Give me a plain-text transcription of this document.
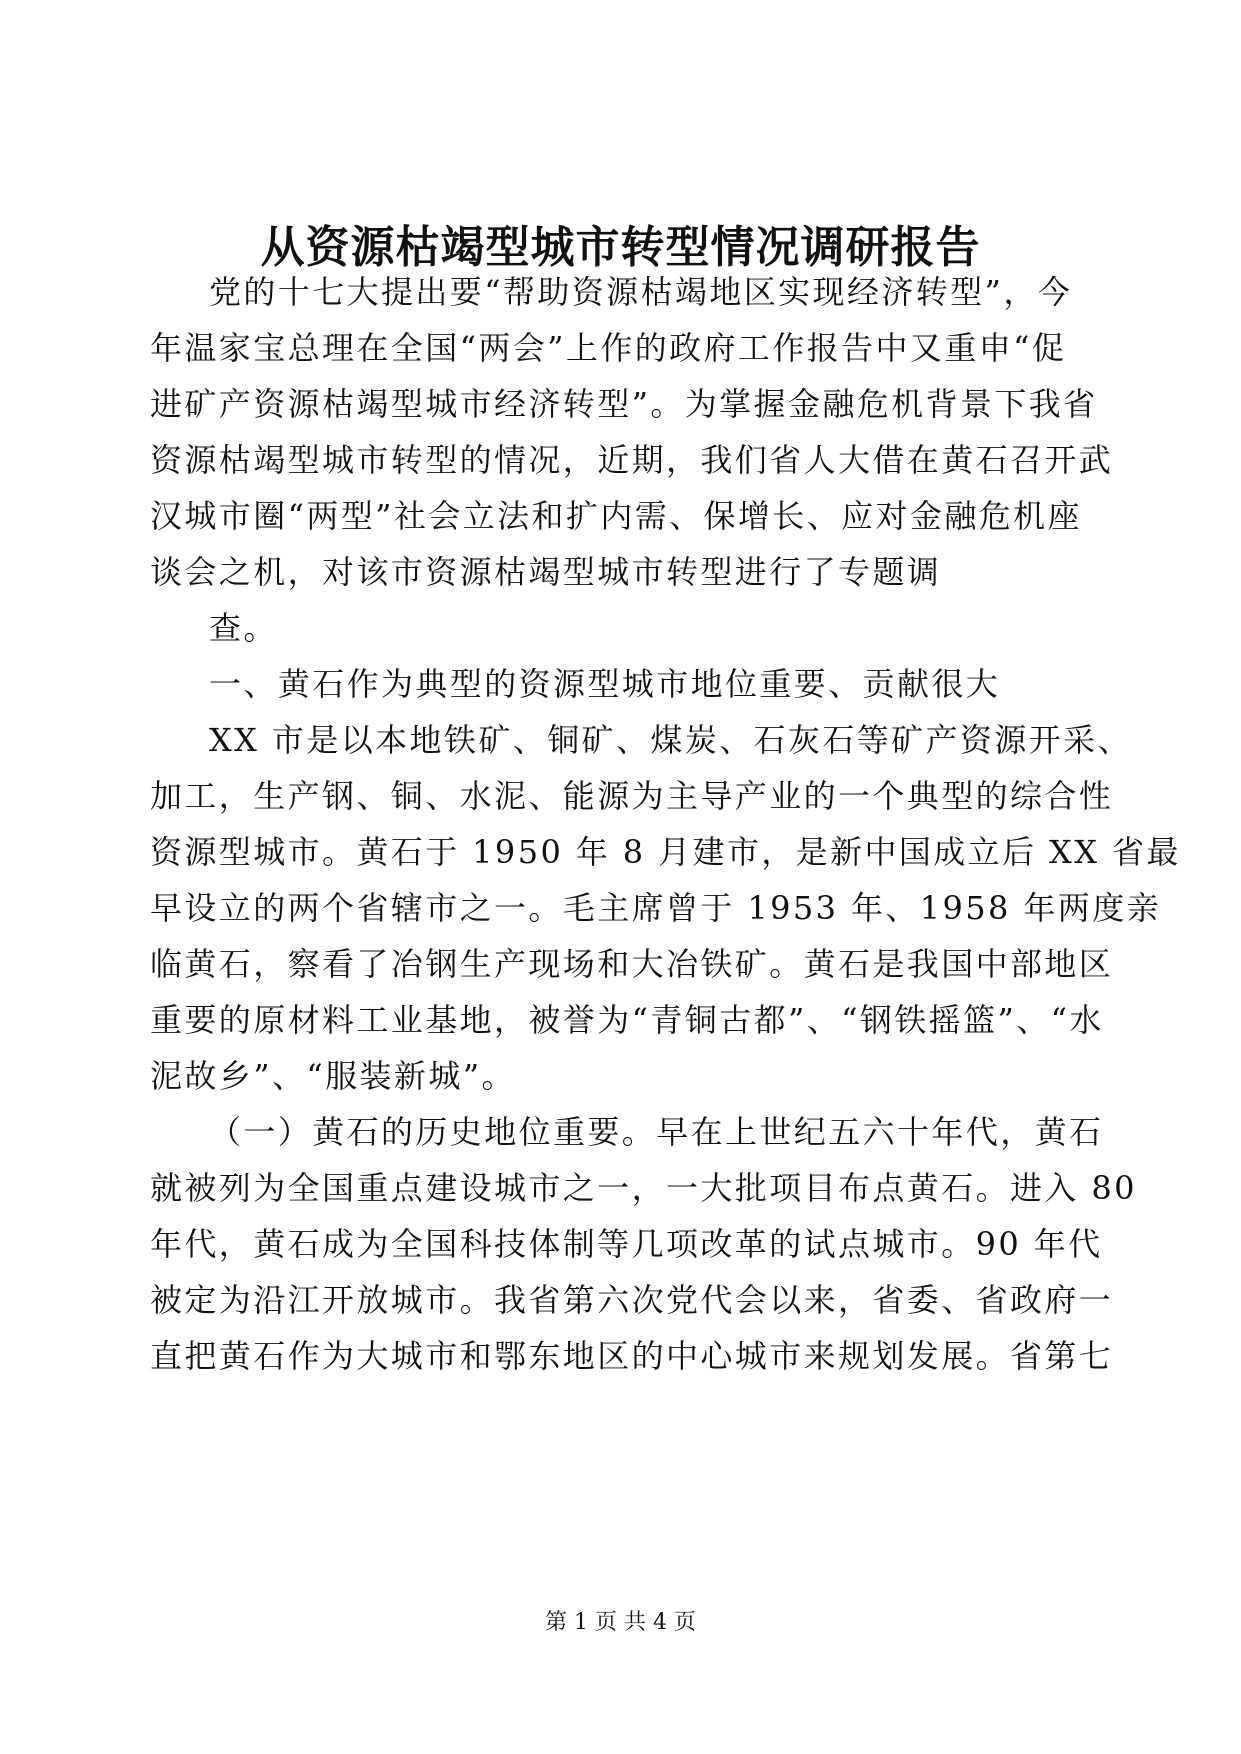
从资源枯竭型城市转型情况调研报告
党的十七大提出要“帮助资源枯竭地区实现经济转型”，今
年温家宝总理在全国“两会”上作的政府工作报告中又重申“促
进矿产资源枯竭型城市经济转型”。为掌握金融危机背景下我省
资源枯竭型城市转型的情况，近期，我们省人大借在黄石召开武
汉城市圈“两型”社会立法和扩内需、保增长、应对金融危机座
谈会之机，对该市资源枯竭型城市转型进行了专题调
查。
一、黄石作为典型的资源型城市地位重要、贡献很大
XX 市是以本地铁矿、铜矿、煤炭、石灰石等矿产资源开采、
加工，生产钢、铜、水泥、能源为主导产业的一个典型的综合性
资源型城市。黄石于 1950 年 8 月建市，是新中国成立后 XX 省最
早设立的两个省辖市之一。毛主席曾于 1953 年、1958 年两度亲
临黄石，察看了冶钢生产现场和大冶铁矿。黄石是我国中部地区
重要的原材料工业基地，被誉为“青铜古都”、“钢铁摇篮”、“水
泥故乡”、“服装新城”。
（一）黄石的历史地位重要。早在上世纪五六十年代，黄石
就被列为全国重点建设城市之一，一大批项目布点黄石。进入 80
年代，黄石成为全国科技体制等几项改革的试点城市。90 年代
被定为沿江开放城市。我省第六次党代会以来，省委、省政府一
直把黄石作为大城市和鄂东地区的中心城市来规划发展。省第七
第 1 页 共 4 页
